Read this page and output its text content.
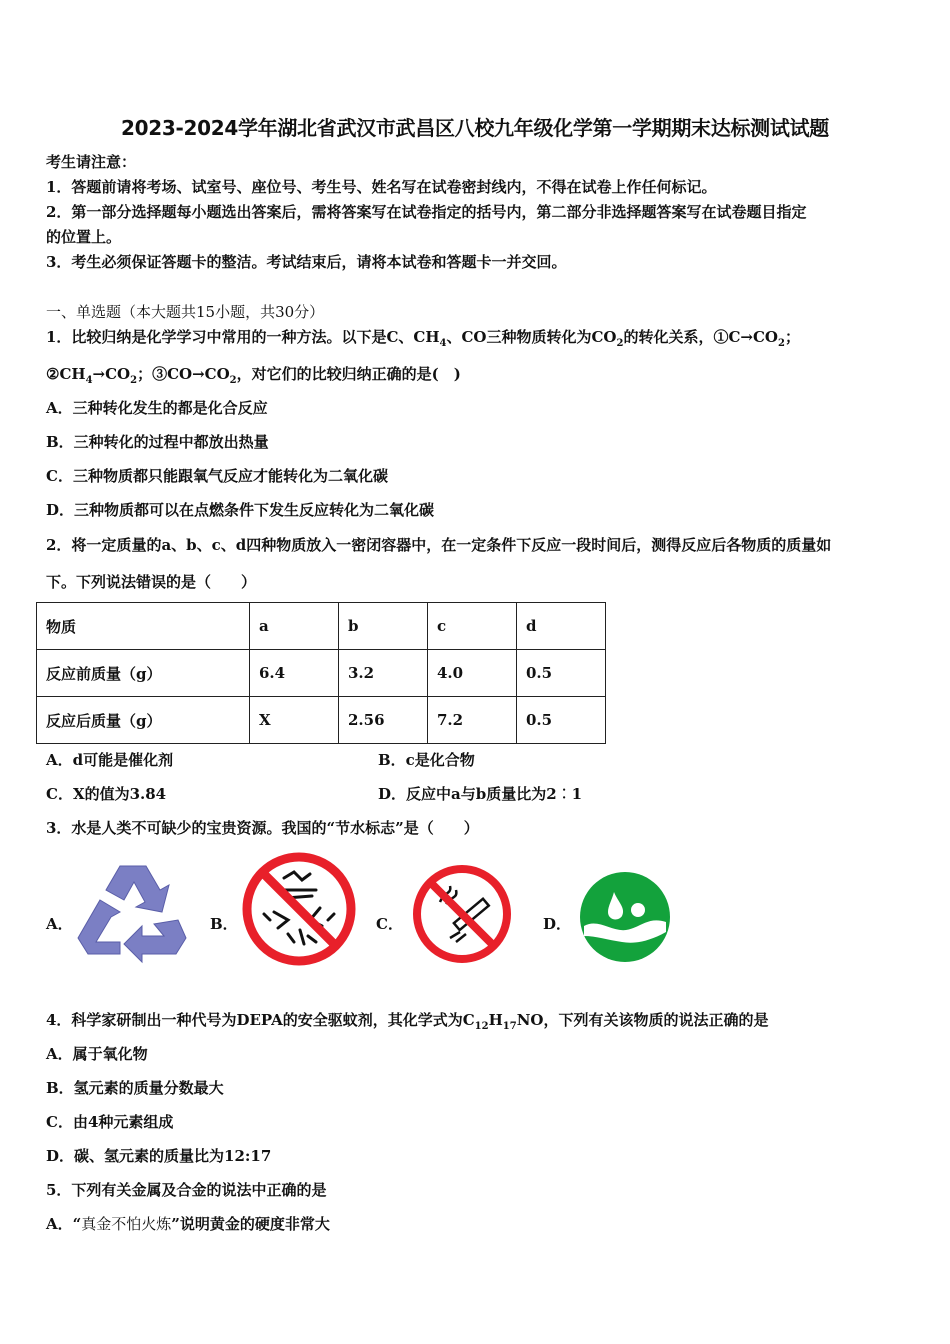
2023-2024学年湖北省武汉市武昌区八校九年级化学第一学期期末达标测试试题
考生请注意：
1．答题前请将考场、试室号、座位号、考生号、姓名写在试卷密封线内，不得在试卷上作任何标记。
2．第一部分选择题每小题选出答案后，需将答案写在试卷指定的括号内，第二部分非选择题答案写在试卷题目指定
的位置上。
3．考生必须保证答题卡的整洁。考试结束后，请将本试卷和答题卡一并交回。
一、单选题（本大题共15小题，共30分）
1．比较归纳是化学学习中常用的一种方法。以下是C、$CH_4$、CO三种物质转化为$CO_2$的转化关系，$①C\to CO_2$；
$②CH_4\to CO_2$；$③CO\to CO_2$，对它们的比较归纳正确的是(　)
A．三种转化发生的都是化合反应
B．三种转化的过程中都放出热量
C．三种物质都只能跟氧气反应才能转化为二氧化碳
D．三种物质都可以在点燃条件下发生反应转化为二氧化碳
2．将一定质量的a、b、c、d四种物质放入一密闭容器中，在一定条件下反应一段时间后，测得反应后各物质的质量如
下。下列说法错误的是（　　）
物质	a	b	c	d
反应前质量（g）	6.4	3.2	4.0	0.5
反应后质量（g）	X	2.56	7.2	0.5
A．d可能是催化剂	B．c是化合物
C．X的值为3.84	D．反应中a与b质量比为2︰1
3．水是人类不可缺少的宝贵资源。我国的“节水标志”是（　　）
A．	B．	C．	D．
4．科学家研制出一种代号为DEPA的安全驱蚊剂，其化学式为$C_{12}H_{17}NO$，下列有关该物质的说法正确的是
A．属于氧化物
B．氢元素的质量分数最大
C．由4种元素组成
D．碳、氢元素的质量比为12:17
5．下列有关金属及合金的说法中正确的是
A．“真金不怕火炼”说明黄金的硬度非常大
